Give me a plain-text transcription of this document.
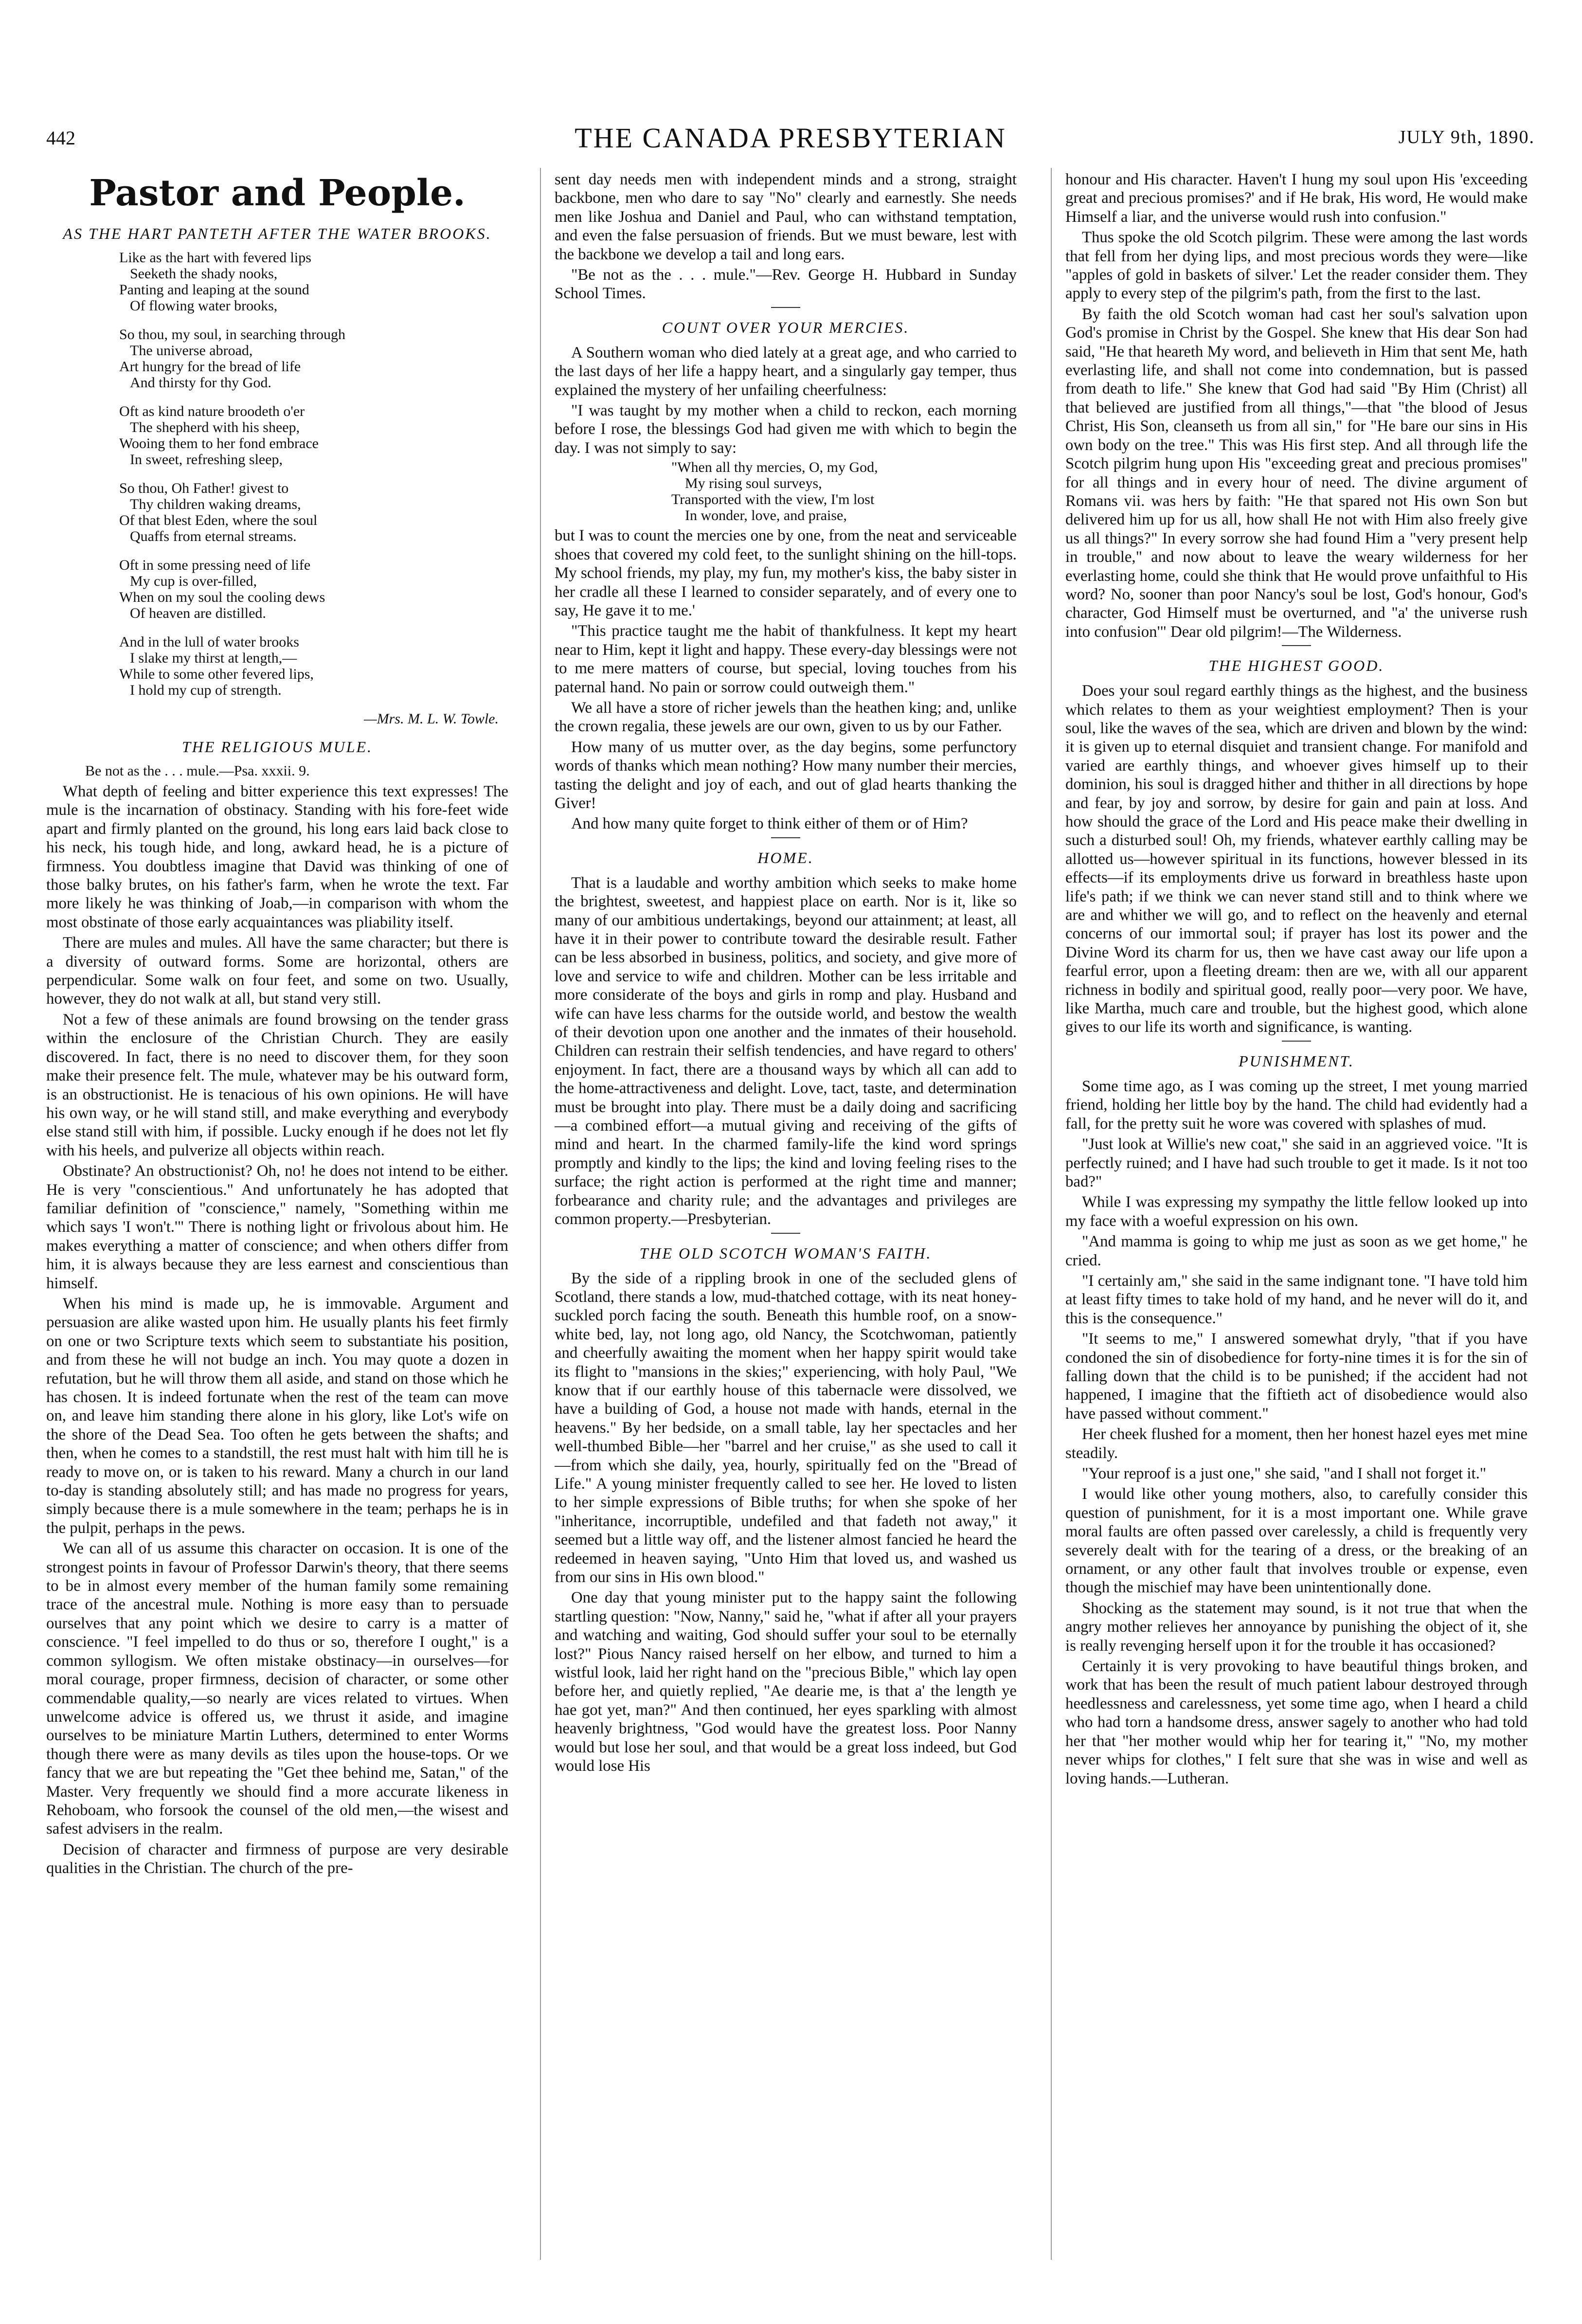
442	THE CANADA PRESBYTERIAN	JULY 9th, 1890.
Pastor and People.
AS THE HART PANTETH AFTER THE WATER BROOKS.
Like as the hart with fevered lips
Seeketh the shady nooks,
Panting and leaping at the sound
Of flowing water brooks,
So thou, my soul, in searching through
The universe abroad,
Art hungry for the bread of life
And thirsty for thy God.
Oft as kind nature broodeth o'er
The shepherd with his sheep,
Wooing them to her fond embrace
In sweet, refreshing sleep,
So thou, Oh Father! givest to
Thy children waking dreams,
Of that blest Eden, where the soul
Quaffs from eternal streams.
Oft in some pressing need of life
My cup is over-filled,
When on my soul the cooling dews
Of heaven are distilled.
And in the lull of water brooks
I slake my thirst at length,—
While to some other fevered lips,
I hold my cup of strength.
—Mrs. M. L. W. Towle.
THE RELIGIOUS MULE.
Be not as the . . . mule.—Psa. xxxii. 9.

What depth of feeling and bitter experience this text expresses! The mule is the incarnation of obstinacy. Standing with his fore-feet wide apart and firmly planted on the ground, his long ears laid back close to his neck, his tough hide, and long, awkard head, he is a picture of firmness. You doubtless imagine that David was thinking of one of those balky brutes, on his father's farm, when he wrote the text. Far more likely he was thinking of Joab,—in comparison with whom the most obstinate of those early acquaintances was pliability itself.

There are mules and mules. All have the same character; but there is a diversity of outward forms. Some are horizontal, others are perpendicular. Some walk on four feet, and some on two. Usually, however, they do not walk at all, but stand very still.

Not a few of these animals are found browsing on the tender grass within the enclosure of the Christian Church. They are easily discovered. In fact, there is no need to discover them, for they soon make their presence felt. The mule, whatever may be his outward form, is an obstructionist. He is tenacious of his own opinions. He will have his own way, or he will stand still, and make everything and everybody else stand still with him, if possible. Lucky enough if he does not let fly with his heels, and pulverize all objects within reach.

Obstinate? An obstructionist? Oh, no! he does not intend to be either. He is very "conscientious." And unfortunately he has adopted that familiar definition of "conscience," namely, "Something within me which says 'I won't.'" There is nothing light or frivolous about him. He makes everything a matter of conscience; and when others differ from him, it is always because they are less earnest and conscientious than himself.

When his mind is made up, he is immovable. Argument and persuasion are alike wasted upon him. He usually plants his feet firmly on one or two Scripture texts which seem to substantiate his position, and from these he will not budge an inch. You may quote a dozen in refutation, but he will throw them all aside, and stand on those which he has chosen. It is indeed fortunate when the rest of the team can move on, and leave him standing there alone in his glory, like Lot's wife on the shore of the Dead Sea. Too often he gets between the shafts; and then, when he comes to a standstill, the rest must halt with him till he is ready to move on, or is taken to his reward. Many a church in our land to-day is standing absolutely still; and has made no progress for years, simply because there is a mule somewhere in the team; perhaps he is in the pulpit, perhaps in the pews.

We can all of us assume this character on occasion. It is one of the strongest points in favour of Professor Darwin's theory, that there seems to be in almost every member of the human family some remaining trace of the ancestral mule. Nothing is more easy than to persuade ourselves that any point which we desire to carry is a matter of conscience. "I feel impelled to do thus or so, therefore I ought," is a common syllogism. We often mistake obstinacy—in ourselves—for moral courage, proper firmness, decision of character, or some other commendable quality,—so nearly are vices related to virtues. When unwelcome advice is offered us, we thrust it aside, and imagine ourselves to be miniature Martin Luthers, determined to enter Worms though there were as many devils as tiles upon the house-tops. Or we fancy that we are but repeating the "Get thee behind me, Satan," of the Master. Very frequently we should find a more accurate likeness in Rehoboam, who forsook the counsel of the old men,—the wisest and safest advisers in the realm.

Decision of character and firmness of purpose are very desirable qualities in the Christian. The church of the pre-

sent day needs men with independent minds and a strong, straight backbone, men who dare to say "No" clearly and earnestly. She needs men like Joshua and Daniel and Paul, who can withstand temptation, and even the false persuasion of friends. But we must beware, lest with the backbone we develop a tail and long ears.

"Be not as the . . . mule."—Rev. George H. Hubbard in Sunday School Times.

COUNT OVER YOUR MERCIES.

A Southern woman who died lately at a great age, and who carried to the last days of her life a happy heart, and a singularly gay temper, thus explained the mystery of her unfailing cheerfulness:

"I was taught by my mother when a child to reckon, each morning before I rose, the blessings God had given me with which to begin the day. I was not simply to say:

"When all thy mercies, O, my God,
My rising soul surveys,
Transported with the view, I'm lost
In wonder, love, and praise,

but I was to count the mercies one by one, from the neat and serviceable shoes that covered my cold feet, to the sunlight shining on the hill-tops. My school friends, my play, my fun, my mother's kiss, the baby sister in her cradle all these I learned to consider separately, and of every one to say, He gave it to me.'

"This practice taught me the habit of thankfulness. It kept my heart near to Him, kept it light and happy. These every-day blessings were not to me mere matters of course, but special, loving touches from his paternal hand. No pain or sorrow could outweigh them."

We all have a store of richer jewels than the heathen king; and, unlike the crown regalia, these jewels are our own, given to us by our Father.

How many of us mutter over, as the day begins, some perfunctory words of thanks which mean nothing? How many number their mercies, tasting the delight and joy of each, and out of glad hearts thanking the Giver!

And how many quite forget to think either of them or of Him?

HOME.

That is a laudable and worthy ambition which seeks to make home the brightest, sweetest, and happiest place on earth. Nor is it, like so many of our ambitious undertakings, beyond our attainment; at least, all have it in their power to contribute toward the desirable result. Father can be less absorbed in business, politics, and society, and give more of love and service to wife and children. Mother can be less irritable and more considerate of the boys and girls in romp and play. Husband and wife can have less charms for the outside world, and bestow the wealth of their devotion upon one another and the inmates of their household. Children can restrain their selfish tendencies, and have regard to others' enjoyment. In fact, there are a thousand ways by which all can add to the home-attractiveness and delight. Love, tact, taste, and determination must be brought into play. There must be a daily doing and sacrificing—a combined effort—a mutual giving and receiving of the gifts of mind and heart. In the charmed family-life the kind word springs promptly and kindly to the lips; the kind and loving feeling rises to the surface; the right action is performed at the right time and manner; forbearance and charity rule; and the advantages and privileges are common property.—Presbyterian.

THE OLD SCOTCH WOMAN'S FAITH.

By the side of a rippling brook in one of the secluded glens of Scotland, there stands a low, mud-thatched cottage, with its neat honey-suckled porch facing the south. Beneath this humble roof, on a snow-white bed, lay, not long ago, old Nancy, the Scotchwoman, patiently and cheerfully awaiting the moment when her happy spirit would take its flight to "mansions in the skies;" experiencing, with holy Paul, "We know that if our earthly house of this tabernacle were dissolved, we have a building of God, a house not made with hands, eternal in the heavens." By her bedside, on a small table, lay her spectacles and her well-thumbed Bible—her "barrel and her cruise," as she used to call it—from which she daily, yea, hourly, spiritually fed on the "Bread of Life." A young minister frequently called to see her. He loved to listen to her simple expressions of Bible truths; for when she spoke of her "inheritance, incorruptible, undefiled and that fadeth not away," it seemed but a little way off, and the listener almost fancied he heard the redeemed in heaven saying, "Unto Him that loved us, and washed us from our sins in His own blood."

One day that young minister put to the happy saint the following startling question: "Now, Nanny," said he, "what if after all your prayers and watching and waiting, God should suffer your soul to be eternally lost?" Pious Nancy raised herself on her elbow, and turned to him a wistful look, laid her right hand on the "precious Bible," which lay open before her, and quietly replied, "Ae dearie me, is that a' the length ye hae got yet, man?" And then continued, her eyes sparkling with almost heavenly brightness, "God would have the greatest loss. Poor Nanny would but lose her soul, and that would be a great loss indeed, but God would lose His

honour and His character. Haven't I hung my soul upon His 'exceeding great and precious promises?' and if He brak, His word, He would make Himself a liar, and the universe would rush into confusion."

Thus spoke the old Scotch pilgrim. These were among the last words that fell from her dying lips, and most precious words they were—like "apples of gold in baskets of silver.' Let the reader consider them. They apply to every step of the pilgrim's path, from the first to the last.

By faith the old Scotch woman had cast her soul's salvation upon God's promise in Christ by the Gospel. She knew that His dear Son had said, "He that heareth My word, and believeth in Him that sent Me, hath everlasting life, and shall not come into condemnation, but is passed from death to life." She knew that God had said "By Him (Christ) all that believed are justified from all things,"—that "the blood of Jesus Christ, His Son, cleanseth us from all sin," for "He bare our sins in His own body on the tree." This was His first step. And all through life the Scotch pilgrim hung upon His "exceeding great and precious promises" for all things and in every hour of need. The divine argument of Romans vii. was hers by faith: "He that spared not His own Son but delivered him up for us all, how shall He not with Him also freely give us all things?" In every sorrow she had found Him a "very present help in trouble," and now about to leave the weary wilderness for her everlasting home, could she think that He would prove unfaithful to His word? No, sooner than poor Nancy's soul be lost, God's honour, God's character, God Himself must be overturned, and "a' the universe rush into confusion'" Dear old pilgrim!—The Wilderness.

THE HIGHEST GOOD.

Does your soul regard earthly things as the highest, and the business which relates to them as your weightiest employment? Then is your soul, like the waves of the sea, which are driven and blown by the wind: it is given up to eternal disquiet and transient change. For manifold and varied are earthly things, and whoever gives himself up to their dominion, his soul is dragged hither and thither in all directions by hope and fear, by joy and sorrow, by desire for gain and pain at loss. And how should the grace of the Lord and His peace make their dwelling in such a disturbed soul! Oh, my friends, whatever earthly calling may be allotted us—however spiritual in its functions, however blessed in its effects—if its employments drive us forward in breathless haste upon life's path; if we think we can never stand still and to think where we are and whither we will go, and to reflect on the heavenly and eternal concerns of our immortal soul; if prayer has lost its power and the Divine Word its charm for us, then we have cast away our life upon a fearful error, upon a fleeting dream: then are we, with all our apparent richness in bodily and spiritual good, really poor—very poor. We have, like Martha, much care and trouble, but the highest good, which alone gives to our life its worth and significance, is wanting.

PUNISHMENT.

Some time ago, as I was coming up the street, I met young married friend, holding her little boy by the hand. The child had evidently had a fall, for the pretty suit he wore was covered with splashes of mud.

"Just look at Willie's new coat," she said in an aggrieved voice. "It is perfectly ruined; and I have had such trouble to get it made. Is it not too bad?"

While I was expressing my sympathy the little fellow looked up into my face with a woeful expression on his own.

"And mamma is going to whip me just as soon as we get home," he cried.

"I certainly am," she said in the same indignant tone. "I have told him at least fifty times to take hold of my hand, and he never will do it, and this is the consequence."

"It seems to me," I answered somewhat dryly, "that if you have condoned the sin of disobedience for forty-nine times it is for the sin of falling down that the child is to be punished; if the accident had not happened, I imagine that the fiftieth act of disobedience would also have passed without comment."

Her cheek flushed for a moment, then her honest hazel eyes met mine steadily.

"Your reproof is a just one," she said, "and I shall not forget it."

I would like other young mothers, also, to carefully consider this question of punishment, for it is a most important one. While grave moral faults are often passed over carelessly, a child is frequently very severely dealt with for the tearing of a dress, or the breaking of an ornament, or any other fault that involves trouble or expense, even though the mischief may have been unintentionally done.

Shocking as the statement may sound, is it not true that when the angry mother relieves her annoyance by punishing the object of it, she is really revenging herself upon it for the trouble it has occasioned?

Certainly it is very provoking to have beautiful things broken, and work that has been the result of much patient labour destroyed through heedlessness and carelessness, yet some time ago, when I heard a child who had torn a handsome dress, answer sagely to another who had told her that "her mother would whip her for tearing it," "No, my mother never whips for clothes," I felt sure that she was in wise and well as loving hands.—Lutheran.
